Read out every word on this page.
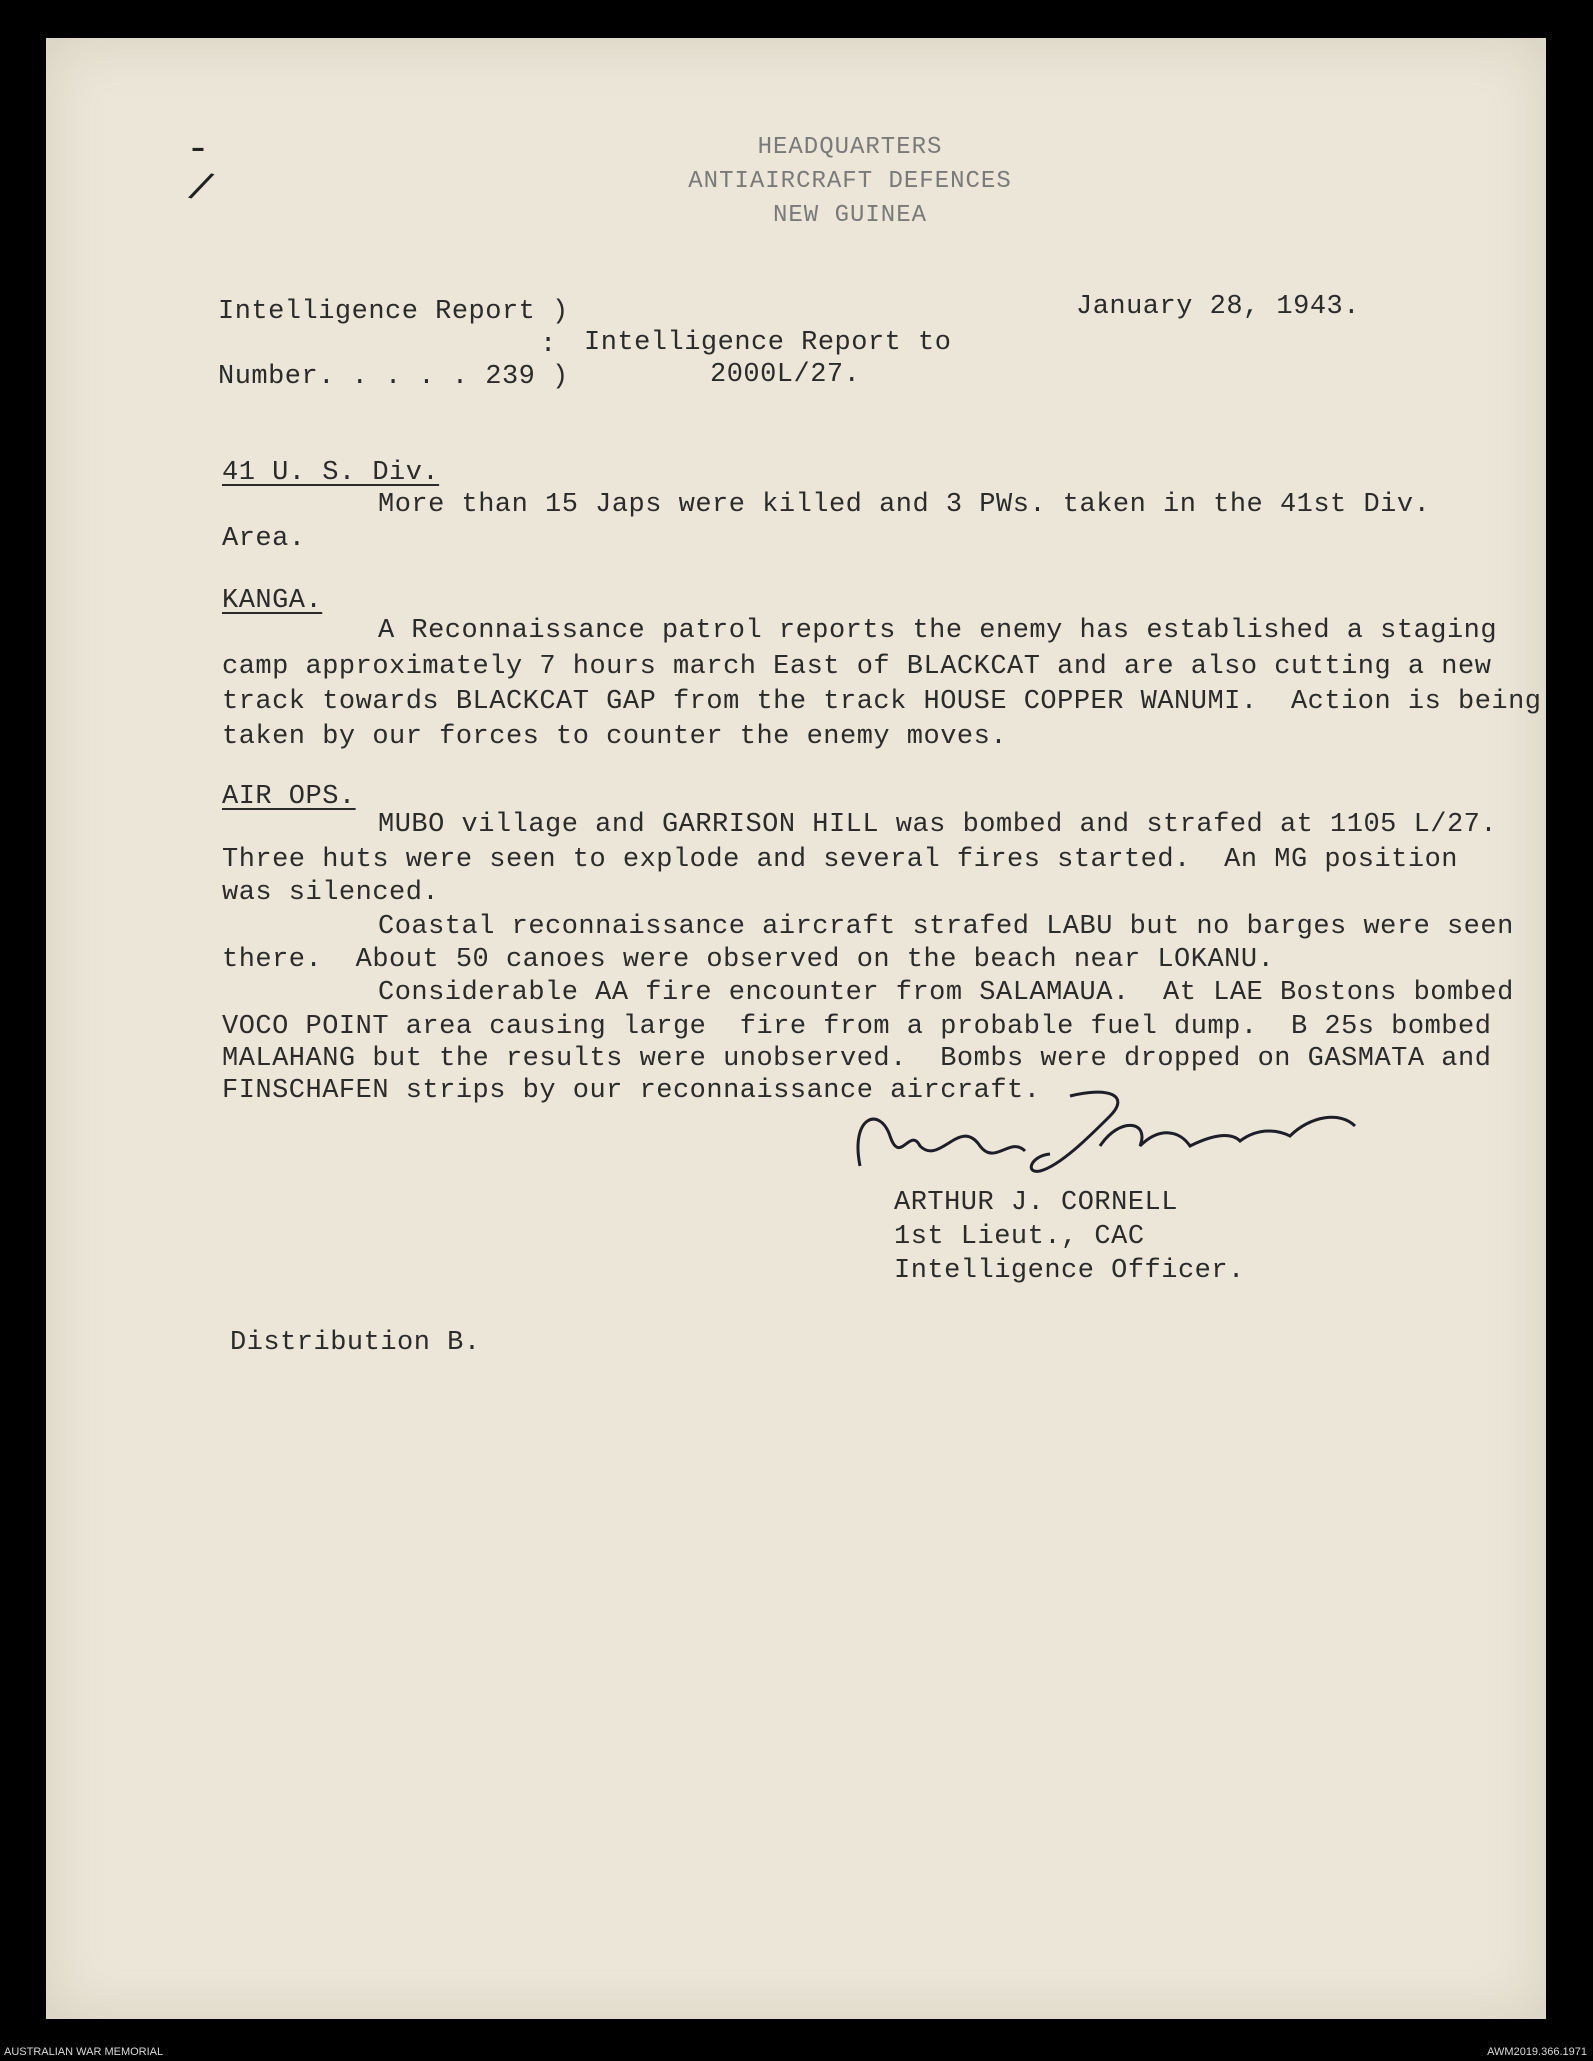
-
/
HEADQUARTERS
ANTIAIRCRAFT DEFENCES
NEW GUINEA
Intelligence Report )
:
Number. . . . . 239 )
Intelligence Report to
2000L/27.
January 28, 1943.
41 U. S. Div.
More than 15 Japs were killed and 3 PWs. taken in the 41st Div.
Area.
KANGA.
A Reconnaissance patrol reports the enemy has established a staging
camp approximately 7 hours march East of BLACKCAT and are also cutting a new
track towards BLACKCAT GAP from the track HOUSE COPPER WANUMI.  Action is being
taken by our forces to counter the enemy moves.
AIR OPS.
MUBO village and GARRISON HILL was bombed and strafed at 1105 L/27.
Three huts were seen to explode and several fires started.  An MG position
was silenced.
Coastal reconnaissance aircraft strafed LABU but no barges were seen
there.  About 50 canoes were observed on the beach near LOKANU.
Considerable AA fire encounter from SALAMAUA.  At LAE Bostons bombed
VOCO POINT area causing large  fire from a probable fuel dump.  B 25s bombed
MALAHANG but the results were unobserved.  Bombs were dropped on GASMATA and
FINSCHAFEN strips by our reconnaissance aircraft.
ARTHUR J. CORNELL
1st Lieut., CAC
Intelligence Officer.
Distribution B.
AUSTRALIAN WAR MEMORIAL	AWM2019.366.1971
